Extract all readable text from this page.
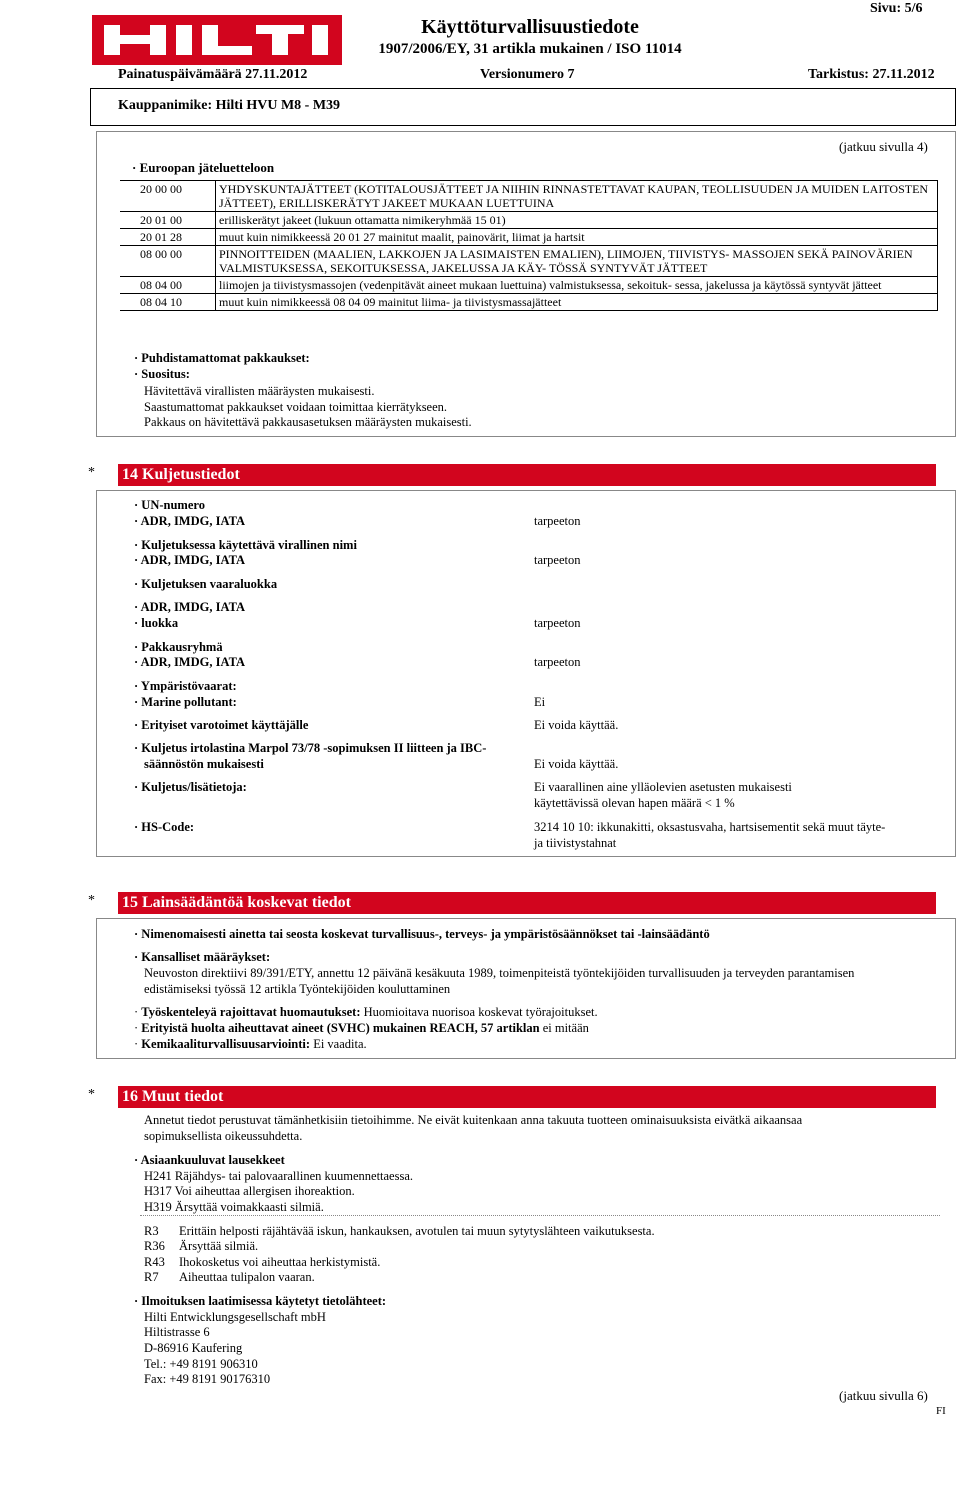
Käyttöturvallisuustiedote
1907/2006/EY, 31 artikla mukainen / ISO 11014
Sivu: 5/6
Painatuspäivämäärä 27.11.2012	Versionumero 7	Tarkistus: 27.11.2012
Kauppanimike: Hilti HVU M8 - M39
(jatkuu sivulla 4)
· Euroopan jäteluetteloon
20 00 00	YHDYSKUNTAJÄTTEET (KOTITALOUSJÄTTEET JA NIIHIN RINNASTETTAVAT KAUPAN, TEOLLISUUDEN JA MUIDEN LAITOSTEN JÄTTEET), ERILLISKERÄTYT JAKEET MUKAAN LUETTUINA
20 01 00	erilliskerätyt jakeet (lukuun ottamatta nimikeryhmää 15 01)
20 01 28	muut kuin nimikkeessä 20 01 27 mainitut maalit, painovärit, liimat ja hartsit
08 00 00	PINNOITTEIDEN (MAALIEN, LAKKOJEN JA LASIMAISTEN EMALIEN), LIIMOJEN, TIIVISTYS- MASSOJEN SEKÄ PAINOVÄRIEN VALMISTUKSESSA, SEKOITUKSESSA, JAKELUSSA JA KÄY- TÖSSÄ SYNTYVÄT JÄTTEET
08 04 00	liimojen ja tiivistysmassojen (vedenpitävät aineet mukaan luettuina) valmistuksessa, sekoituk- sessa, jakelussa ja käytössä syntyvät jätteet
08 04 10	muut kuin nimikkeessä 08 04 09 mainitut liima- ja tiivistysmassajätteet
· Puhdistamattomat pakkaukset:
· Suositus:
Hävitettävä virallisten määräysten mukaisesti.
Saastumattomat pakkaukset voidaan toimittaa kierrätykseen.
Pakkaus on hävitettävä pakkausasetuksen määräysten mukaisesti.
* 14 Kuljetustiedot
· UN-numero
· ADR, IMDG, IATA	tarpeeton
· Kuljetuksessa käytettävä virallinen nimi
· ADR, IMDG, IATA	tarpeeton
· Kuljetuksen vaaraluokka
· ADR, IMDG, IATA
· luokka	tarpeeton
· Pakkausryhmä
· ADR, IMDG, IATA	tarpeeton
· Ympäristövaarat:
· Marine pollutant:	Ei
· Erityiset varotoimet käyttäjälle	Ei voida käyttää.
· Kuljetus irtolastina Marpol 73/78 -sopimuksen II liitteen ja IBC-
säännöstön mukaisesti	Ei voida käyttää.
· Kuljetus/lisätietoja:	Ei vaarallinen aine ylläolevien asetusten mukaisesti
käytettävissä olevan hapen määrä < 1 %
· HS-Code:	3214 10 10: ikkunakitti, oksastusvaha, hartsisementit sekä muut täyte-
ja tiivistystahnat
* 15 Lainsäädäntöä koskevat tiedot
· Nimenomaisesti ainetta tai seosta koskevat turvallisuus-, terveys- ja ympäristösäännökset tai -lainsäädäntö
· Kansalliset määräykset:
Neuvoston direktiivi 89/391/ETY, annettu 12 päivänä kesäkuuta 1989, toimenpiteistä työntekijöiden turvallisuuden ja terveyden parantamisen
edistämiseksi työssä 12 artikla Työntekijöiden kouluttaminen
· Työskenteleyä rajoittavat huomautukset: Huomioitava nuorisoa koskevat työrajoitukset.
· Erityistä huolta aiheuttavat aineet (SVHC) mukainen REACH, 57 artiklan ei mitään
· Kemikaaliturvallisuusarviointi: Ei vaadita.
* 16 Muut tiedot
Annetut tiedot perustuvat tämänhetkisiin tietoihimme. Ne eivät kuitenkaan anna takuuta tuotteen ominaisuuksista eivätkä aikaansaa
sopimuksellista oikeussuhdetta.
· Asiaankuuluvat lausekkeet
H241 Räjähdys- tai palovaarallinen kuumennettaessa.
H317 Voi aiheuttaa allergisen ihoreaktion.
H319 Ärsyttää voimakkaasti silmiä.
R3 Erittäin helposti räjähtävää iskun, hankauksen, avotulen tai muun sytytyslähteen vaikutuksesta.
R36 Ärsyttää silmiä.
R43 Ihokosketus voi aiheuttaa herkistymistä.
R7 Aiheuttaa tulipalon vaaran.
· Ilmoituksen laatimisessa käytetyt tietolähteet:
Hilti Entwicklungsgesellschaft mbH
Hiltistrasse 6
D-86916 Kaufering
Tel.: +49 8191 906310
Fax: +49 8191 90176310
(jatkuu sivulla 6)
FI
